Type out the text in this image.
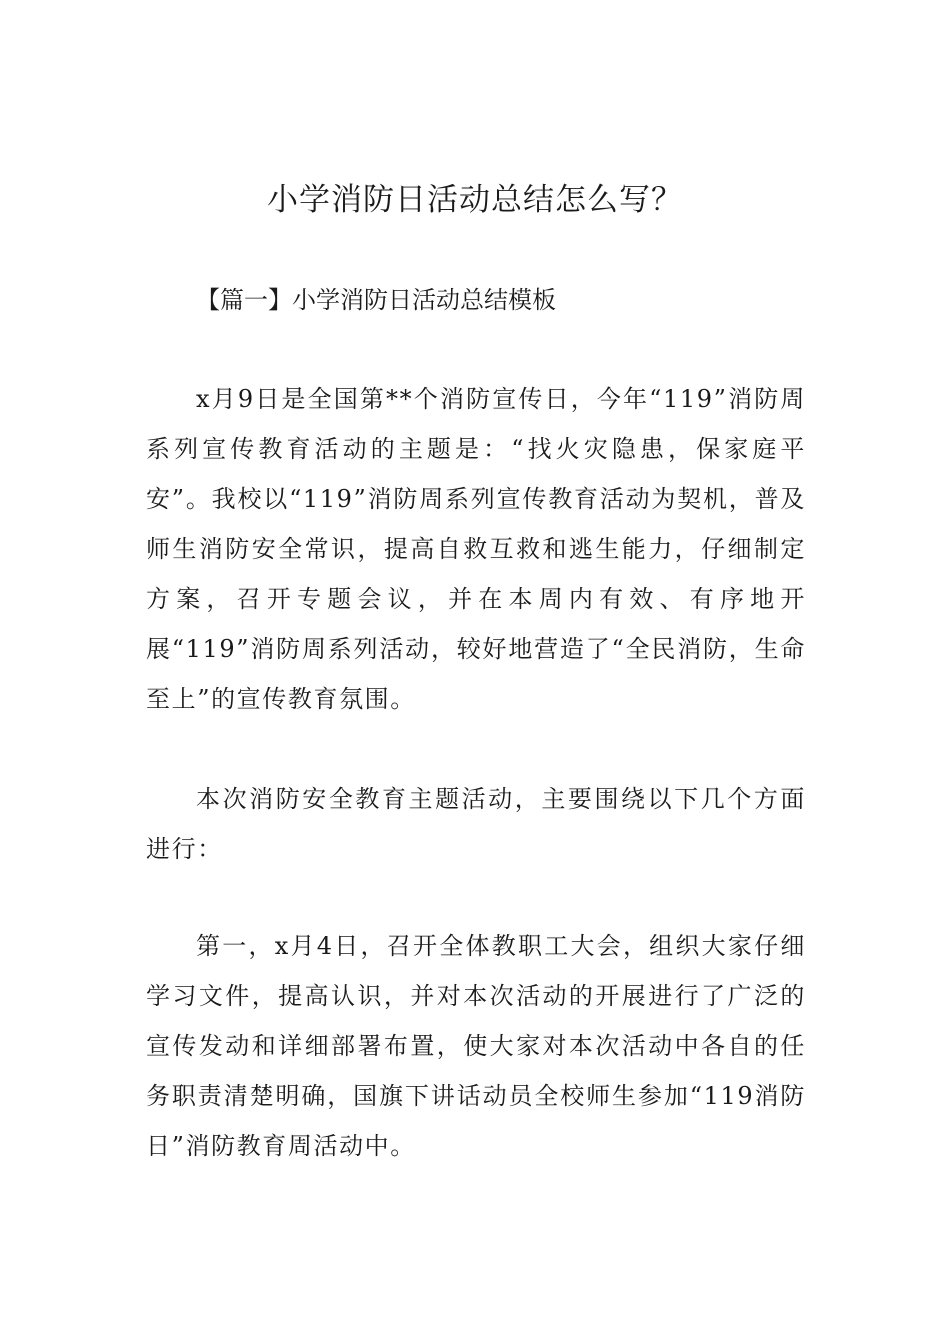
小学消防日活动总结怎么写？
【篇一】小学消防日活动总结模板

x月9日是全国第**个消防宣传日，今年“119”消防周系列宣传教育活动的主题是：“找火灾隐患，保家庭平安”。我校以“119”消防周系列宣传教育活动为契机，普及师生消防安全常识，提高自救互救和逃生能力，仔细制定方案，召开专题会议，并在本周内有效、有序地开展“119”消防周系列活动，较好地营造了“全民消防，生命至上”的宣传教育氛围。

本次消防安全教育主题活动，主要围绕以下几个方面进行：

第一，x月4日，召开全体教职工大会，组织大家仔细学习文件，提高认识，并对本次活动的开展进行了广泛的宣传发动和详细部署布置，使大家对本次活动中各自的任务职责清楚明确，国旗下讲话动员全校师生参加“119消防日”消防教育周活动中。
